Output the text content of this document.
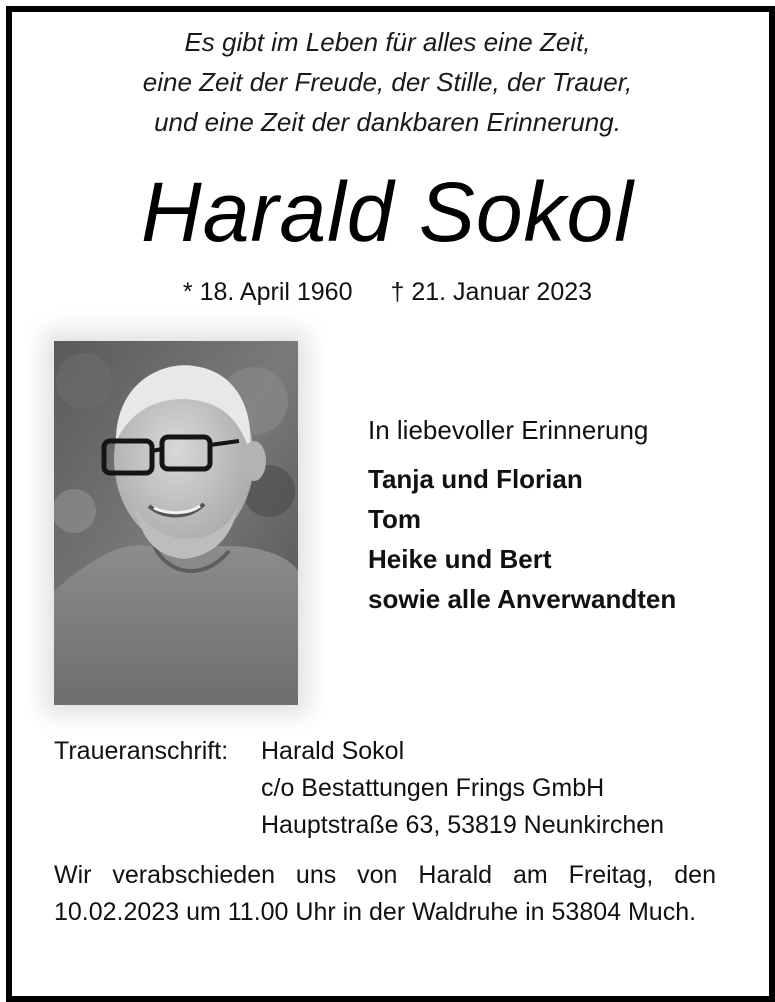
Es gibt im Leben für alles eine Zeit,
eine Zeit der Freude, der Stille, der Trauer,
und eine Zeit der dankbaren Erinnerung.
Harald Sokol
* 18. April 1960 † 21. Januar 2023
In liebevoller Erinnerung
Tanja und Florian
Tom
Heike und Bert
sowie alle Anverwandten
Traueranschrift: Harald Sokol
c/o Bestattungen Frings GmbH
Hauptstraße 63, 53819 Neunkirchen
Wir verabschieden uns von Harald am Freitag, den 10.02.2023 um 11.00 Uhr in der Waldruhe in 53804 Much.
